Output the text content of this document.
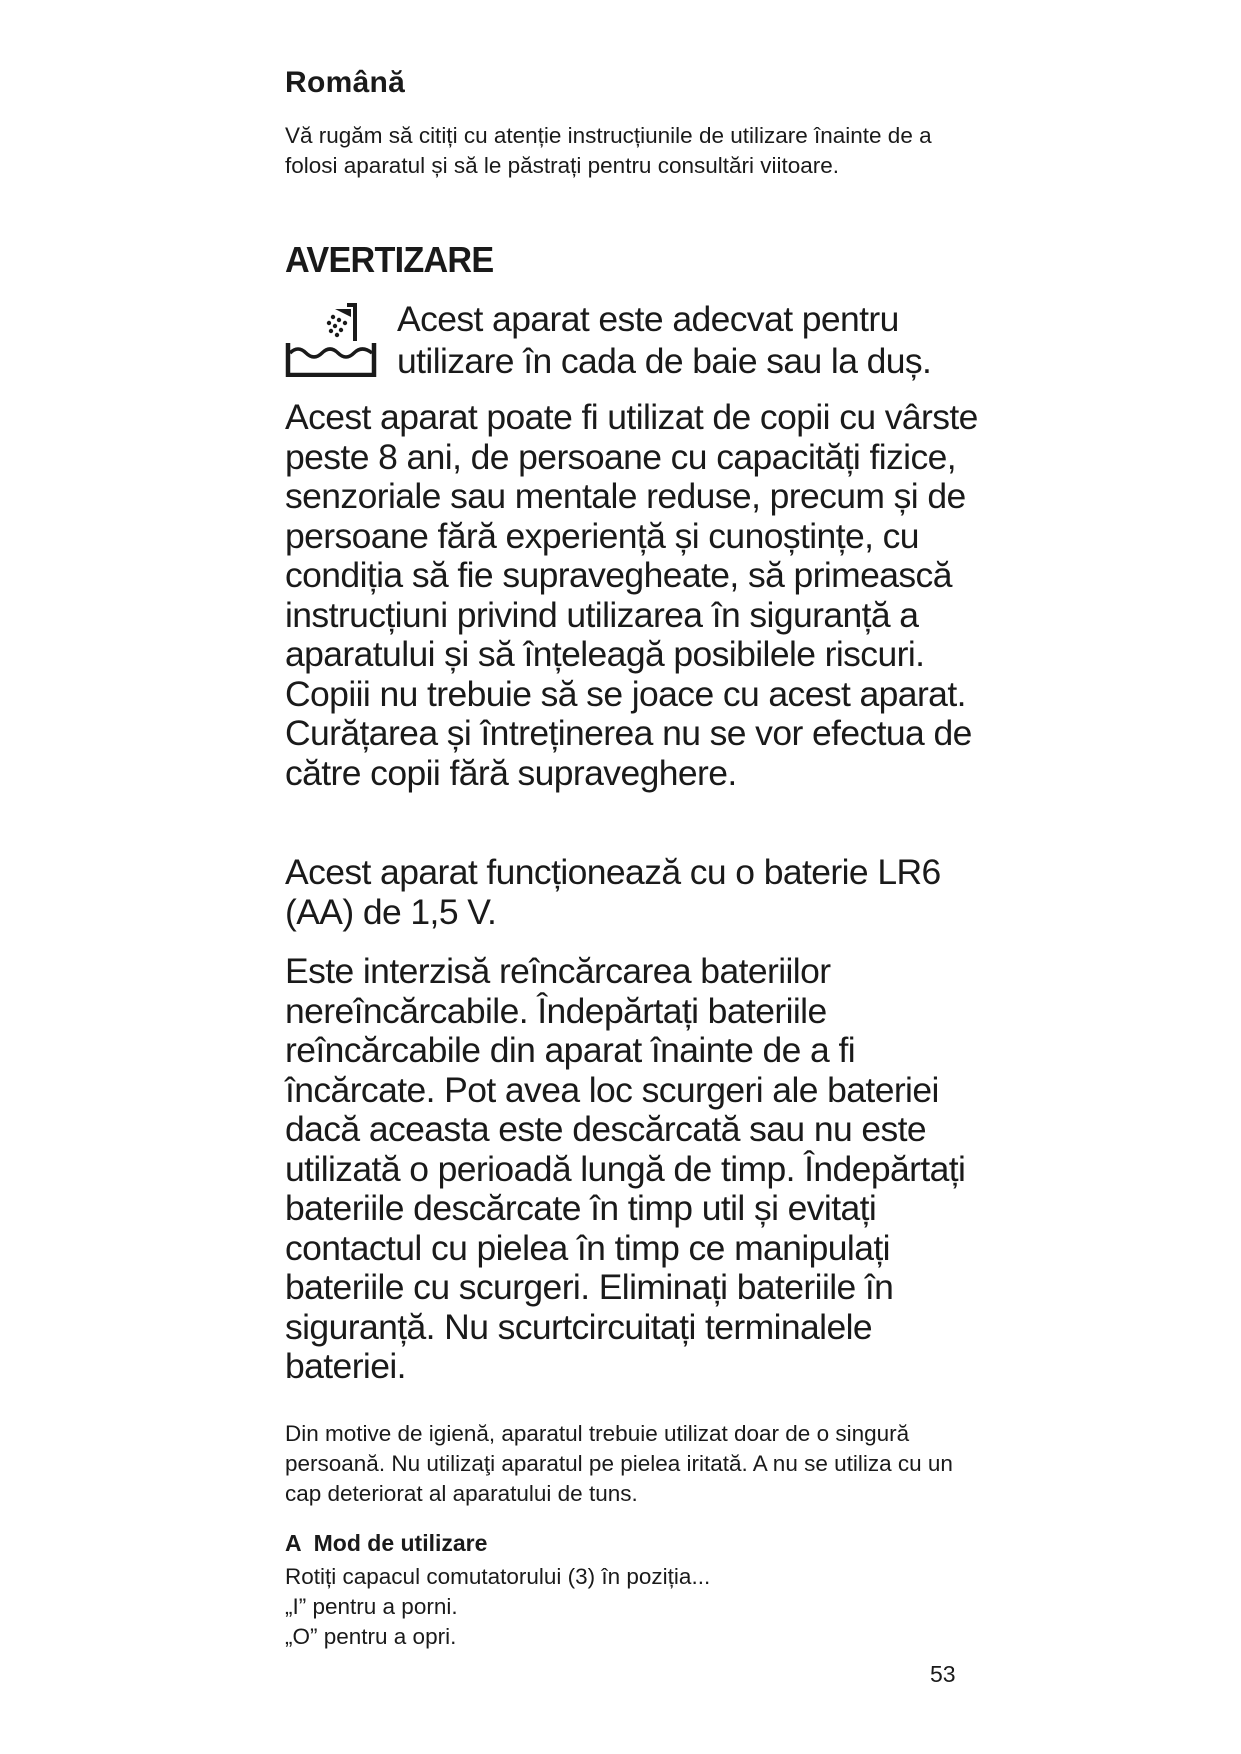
Română

Vă rugăm să citiți cu atenție instrucțiunile de utilizare înainte de a folosi aparatul și să le păstrați pentru consultări viitoare.

AVERTIZARE

Acest aparat este adecvat pentru utilizare în cada de baie sau la duș.

Acest aparat poate fi utilizat de copii cu vârste peste 8 ani, de persoane cu capacități fizice, senzoriale sau mentale reduse, precum și de persoane fără experiență și cunoștințe, cu condiția să fie supravegheate, să primească instrucțiuni privind utilizarea în siguranță a aparatului și să înțeleagă posibilele riscuri. Copiii nu trebuie să se joace cu acest aparat. Curățarea și întreținerea nu se vor efectua de către copii fără supraveghere.

Acest aparat funcționează cu o baterie LR6 (AA) de 1,5 V.

Este interzisă reîncărcarea bateriilor nereîncărcabile. Îndepărtați bateriile reîncărcabile din aparat înainte de a fi încărcate. Pot avea loc scurgeri ale bateriei dacă aceasta este descărcată sau nu este utilizată o perioadă lungă de timp. Îndepărtați bateriile descărcate în timp util și evitați contactul cu pielea în timp ce manipulați bateriile cu scurgeri. Eliminați bateriile în siguranță. Nu scurtcircuitați terminalele bateriei.

Din motive de igienă, aparatul trebuie utilizat doar de o singură persoană. Nu utilizaţi aparatul pe pielea iritată. A nu se utiliza cu un cap deteriorat al aparatului de tuns.

A Mod de utilizare
Rotiți capacul comutatorului (3) în poziția...
„I” pentru a porni.
„O” pentru a opri.

53
